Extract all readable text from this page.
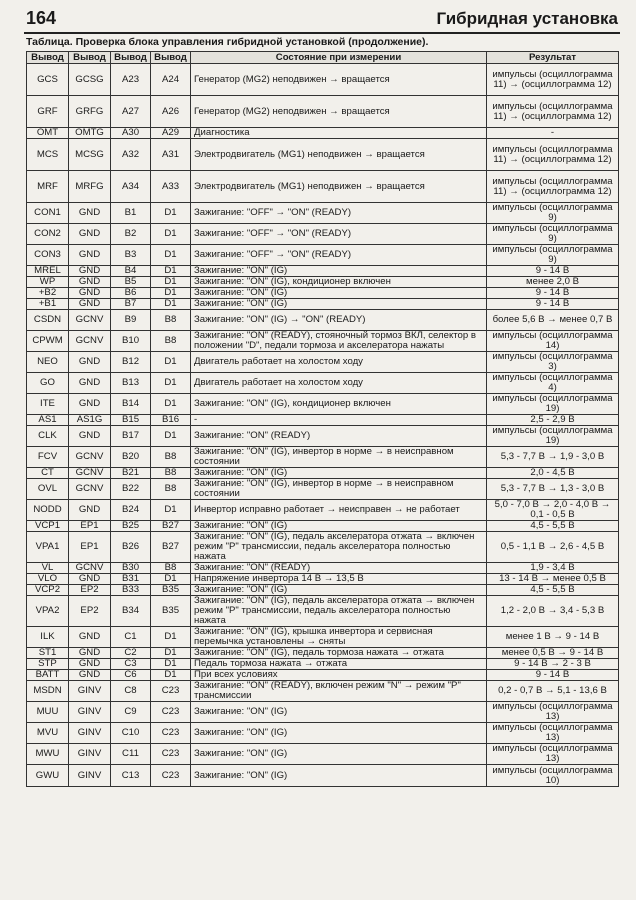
164	Гибридная установка
Таблица. Проверка блока управления гибридной установкой (продолжение).
Вывод	Вывод	Вывод	Вывод	Состояние при измерении	Результат
GCS	GCSG	A23	A24	Генератор (MG2) неподвижен → вращается	импульсы (осциллограмма 11) → (осциллограмма 12)
GRF	GRFG	A27	A26	Генератор (MG2) неподвижен → вращается	импульсы (осциллограмма 11) → (осциллограмма 12)
OMT	OMTG	A30	A29	Диагностика	-
MCS	MCSG	A32	A31	Электродвигатель (MG1) неподвижен → вращается	импульсы (осциллограмма 11) → (осциллограмма 12)
MRF	MRFG	A34	A33	Электродвигатель (MG1) неподвижен → вращается	импульсы (осциллограмма 11) → (осциллограмма 12)
CON1	GND	B1	D1	Зажигание: "OFF" → "ON" (READY)	импульсы (осциллограмма 9)
CON2	GND	B2	D1	Зажигание: "OFF" → "ON" (READY)	импульсы (осциллограмма 9)
CON3	GND	B3	D1	Зажигание: "OFF" → "ON" (READY)	импульсы (осциллограмма 9)
MREL	GND	B4	D1	Зажигание: "ON" (IG)	9 - 14 В
WP	GND	B5	D1	Зажигание: "ON" (IG), кондиционер включен	менее 2,0 В
+B2	GND	B6	D1	Зажигание: "ON" (IG)	9 - 14 В
+B1	GND	B7	D1	Зажигание: "ON" (IG)	9 - 14 В
CSDN	GCNV	B9	B8	Зажигание: "ON" (IG) → "ON" (READY)	более 5,6 В → менее 0,7 В
CPWM	GCNV	B10	B8	Зажигание: "ON" (READY), стояночный тормоз ВКЛ, селектор в положении "D", педали тормоза и акселератора нажаты	импульсы (осциллограмма 14)
NEO	GND	B12	D1	Двигатель работает на холостом ходу	импульсы (осциллограмма 3)
GO	GND	B13	D1	Двигатель работает на холостом ходу	импульсы (осциллограмма 4)
ITE	GND	B14	D1	Зажигание: "ON" (IG), кондиционер включен	импульсы (осциллограмма 19)
AS1	AS1G	B15	B16	-	2,5 - 2,9 В
CLK	GND	B17	D1	Зажигание: "ON" (READY)	импульсы (осциллограмма 19)
FCV	GCNV	B20	B8	Зажигание: "ON" (IG), инвертор в норме → в неисправном состоянии	5,3 - 7,7 В → 1,9 - 3,0 В
CT	GCNV	B21	B8	Зажигание: "ON" (IG)	2,0 - 4,5 В
OVL	GCNV	B22	B8	Зажигание: "ON" (IG), инвертор в норме → в неисправном состоянии	5,3 - 7,7 В → 1,3 - 3,0 В
NODD	GND	B24	D1	Инвертор исправно работает → неисправен → не работает	5,0 - 7,0 В → 2,0 - 4,0 В → 0,1 - 0,5 В
VCP1	EP1	B25	B27	Зажигание: "ON" (IG)	4,5 - 5,5 В
VPA1	EP1	B26	B27	Зажигание: "ON" (IG), педаль акселератора отжата → включен режим "P" трансмиссии, педаль акселератора полностью нажата	0,5 - 1,1 В → 2,6 - 4,5 В
VL	GCNV	B30	B8	Зажигание: "ON" (READY)	1,9 - 3,4 В
VLO	GND	B31	D1	Напряжение инвертора 14 В → 13,5 В	13 - 14 В → менее 0,5 В
VCP2	EP2	B33	B35	Зажигание: "ON" (IG)	4,5 - 5,5 В
VPA2	EP2	B34	B35	Зажигание: "ON" (IG), педаль акселератора отжата → включен режим "P" трансмиссии, педаль акселератора полностью нажата	1,2 - 2,0 В → 3,4 - 5,3 В
ILK	GND	C1	D1	Зажигание: "ON" (IG), крышка инвертора и сервисная перемычка установлены → сняты	менее 1 В → 9 - 14 В
ST1	GND	C2	D1	Зажигание: "ON" (IG), педаль тормоза нажата → отжата	менее 0,5 В → 9 - 14 В
STP	GND	C3	D1	Педаль тормоза нажата → отжата	9 - 14 В → 2 - 3 В
BATT	GND	C6	D1	При всех условиях	9 - 14 В
MSDN	GINV	C8	C23	Зажигание: "ON" (READY), включен режим "N" → режим "P" трансмиссии	0,2 - 0,7 В → 5,1 - 13,6 В
MUU	GINV	C9	C23	Зажигание: "ON" (IG)	импульсы (осциллограмма 13)
MVU	GINV	C10	C23	Зажигание: "ON" (IG)	импульсы (осциллограмма 13)
MWU	GINV	C11	C23	Зажигание: "ON" (IG)	импульсы (осциллограмма 13)
GWU	GINV	C13	C23	Зажигание: "ON" (IG)	импульсы (осциллограмма 10)
